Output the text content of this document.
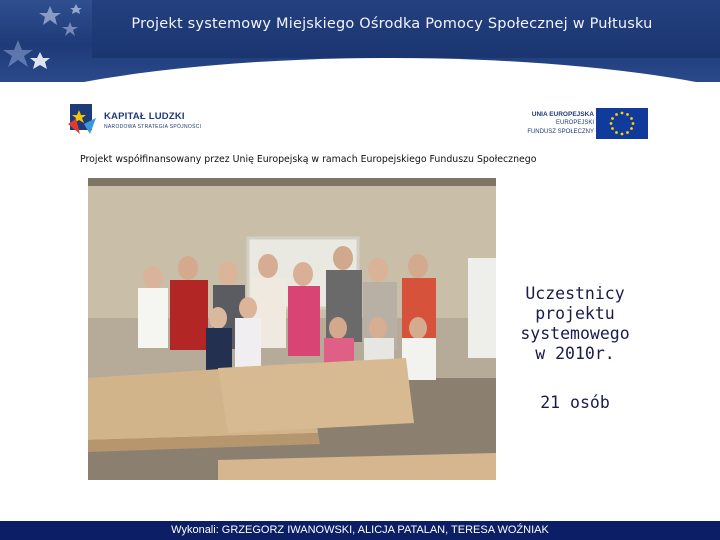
Projekt systemowy Miejskiego Ośrodka Pomocy Społecznej w Pułtusku
KAPITAŁ LUDZKI
NARODOWA STRATEGIA SPÓJNOŚCI
UNIA EUROPEJSKA
EUROPEJSKI
FUNDUSZ SPOŁECZNY
Projekt współfinansowany przez Unię Europejską w ramach Europejskiego Funduszu Społecznego
Uczestnicy
projektu
systemowego
w 2010r.
21 osób
Wykonali: GRZEGORZ IWANOWSKI, ALICJA PATALAN, TERESA WOŹNIAK
